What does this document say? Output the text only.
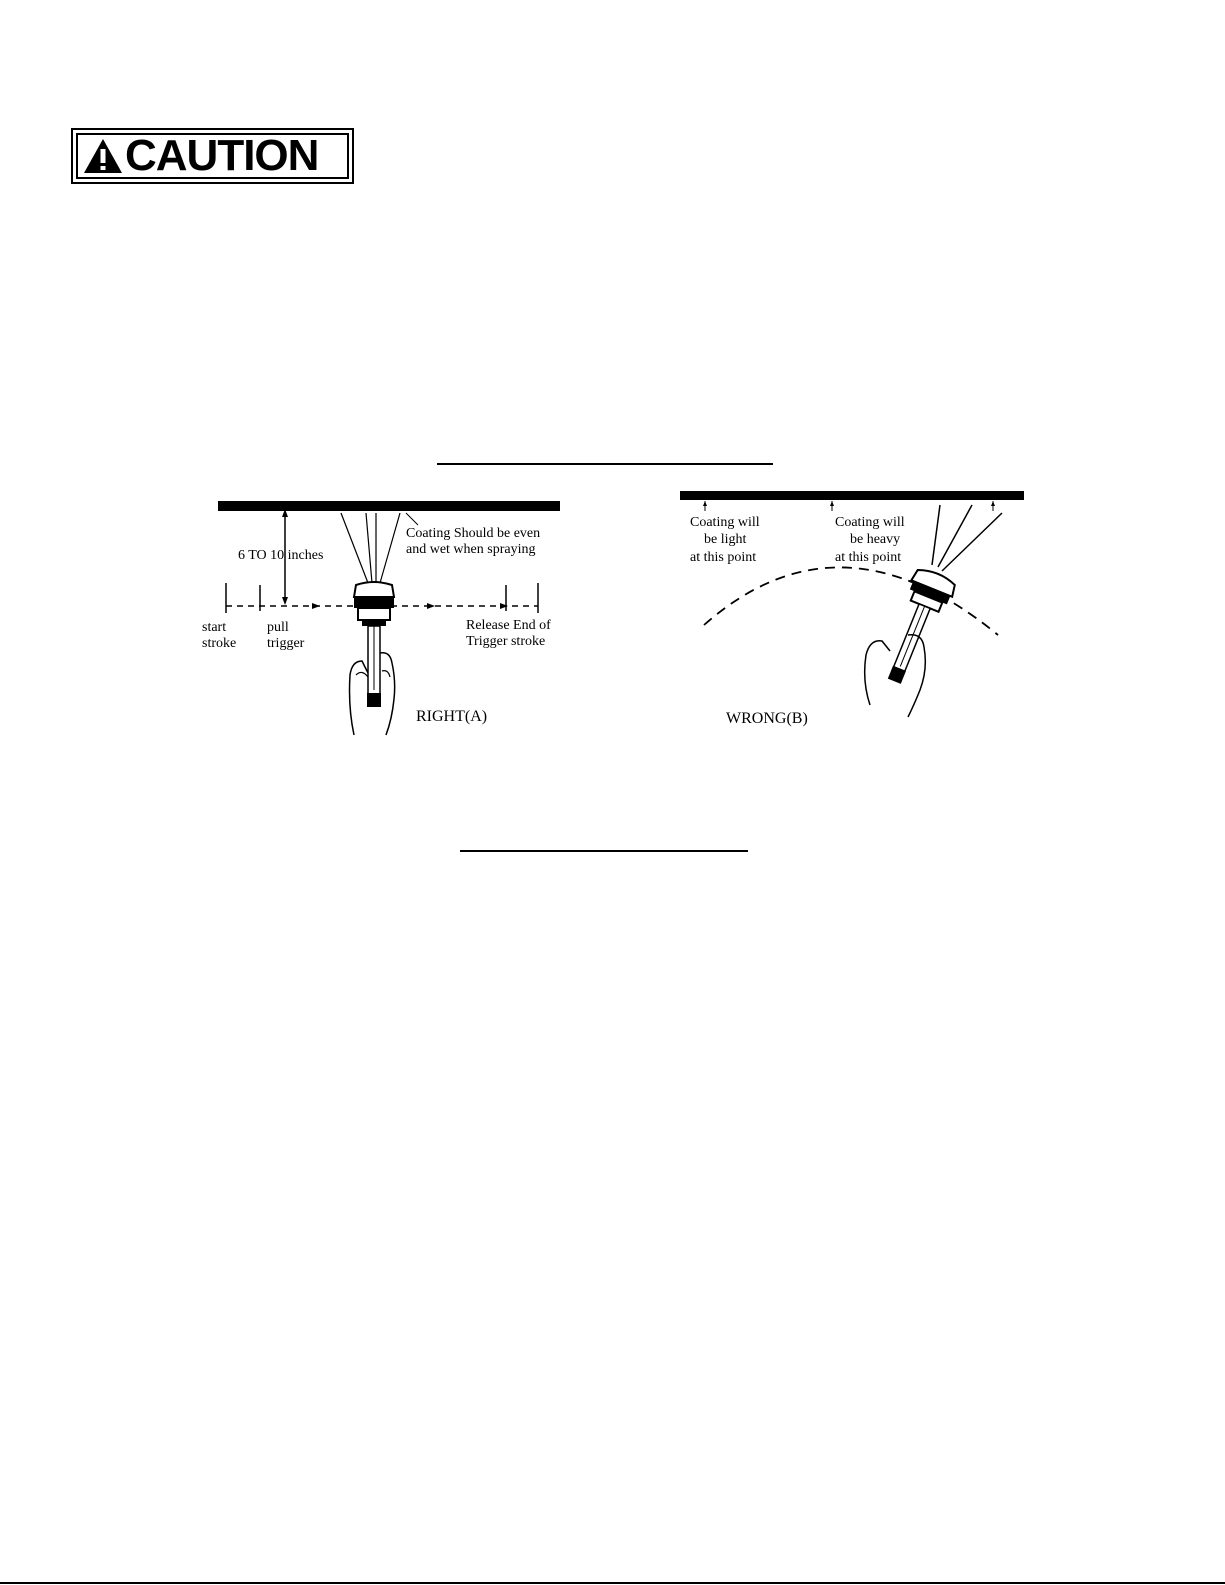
CAUTION
6 TO 10 inches
Coating Should be even
and wet when spraying
start
stroke
pull
trigger
Release End of
Trigger stroke
RIGHT(A)
Coating will
be light
at this point
Coating will
be heavy
at this point
WRONG(B)
